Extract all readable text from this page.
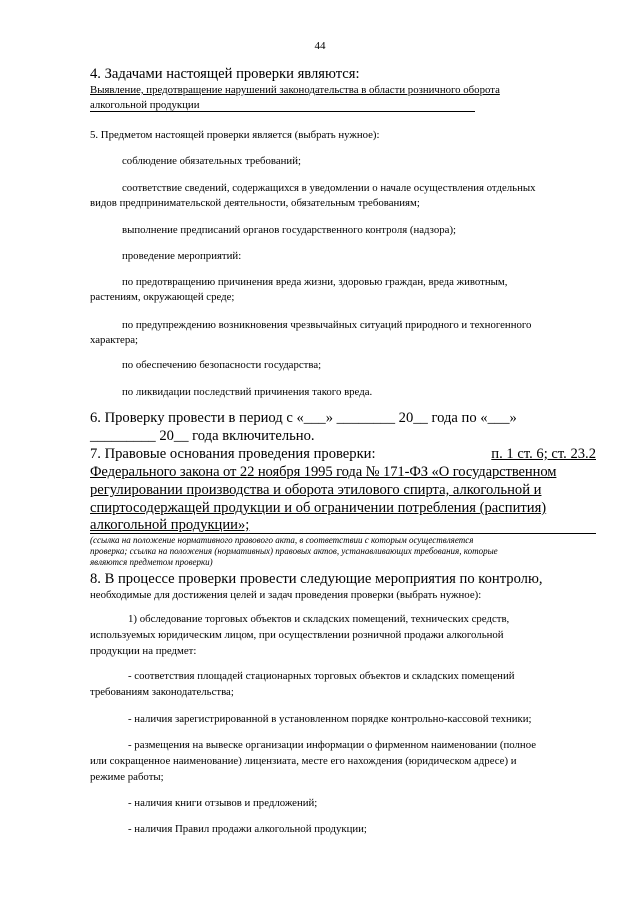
44
4. Задачами настоящей проверки являются:
Выявление, предотвращение нарушений законодательства в области розничного оборота
алкогольной продукции
5. Предметом настоящей проверки является (выбрать нужное):
соблюдение обязательных требований;
соответствие сведений, содержащихся в уведомлении о начале осуществления отдельных
видов предпринимательской деятельности, обязательным требованиям;
выполнение предписаний органов государственного контроля (надзора);
проведение мероприятий:
по предотвращению причинения вреда жизни, здоровью граждан, вреда животным,
растениям, окружающей среде;
по предупреждению возникновения чрезвычайных ситуаций природного и техногенного
характера;
по обеспечению безопасности государства;
по ликвидации последствий причинения такого вреда.
6. Проверку провести в период с «___» ________ 20__ года по «___»
_________ 20__ года включительно.
7. Правовые основания проведения проверки:	п. 1 ст. 6; ст. 23.2
Федерального закона от 22 ноября 1995 года № 171-ФЗ «О государственном
регулировании производства и оборота этилового спирта, алкогольной и
спиртосодержащей продукции и об ограничении потребления (распития)
алкогольной продукции»;
(ссылка на положение нормативного правового акта, в соответствии с которым осуществляется
проверка; ссылка на положения (нормативных) правовых актов, устанавливающих требования, которые
являются предметом проверки)
8. В процессе проверки провести следующие мероприятия по контролю,
необходимые для достижения целей и задач проведения проверки (выбрать нужное):
1) обследование торговых объектов и складских помещений, технических средств,
используемых юридическим лицом, при осуществлении розничной продажи алкогольной
продукции на предмет:
- соответствия площадей стационарных торговых объектов и складских помещений
требованиям законодательства;
- наличия зарегистрированной в установленном порядке контрольно-кассовой техники;
- размещения на вывеске организации информации о фирменном наименовании (полное
или сокращенное наименование) лицензиата, месте его нахождения (юридическом адресе) и
режиме работы;
- наличия книги отзывов и предложений;
- наличия Правил продажи алкогольной продукции;
